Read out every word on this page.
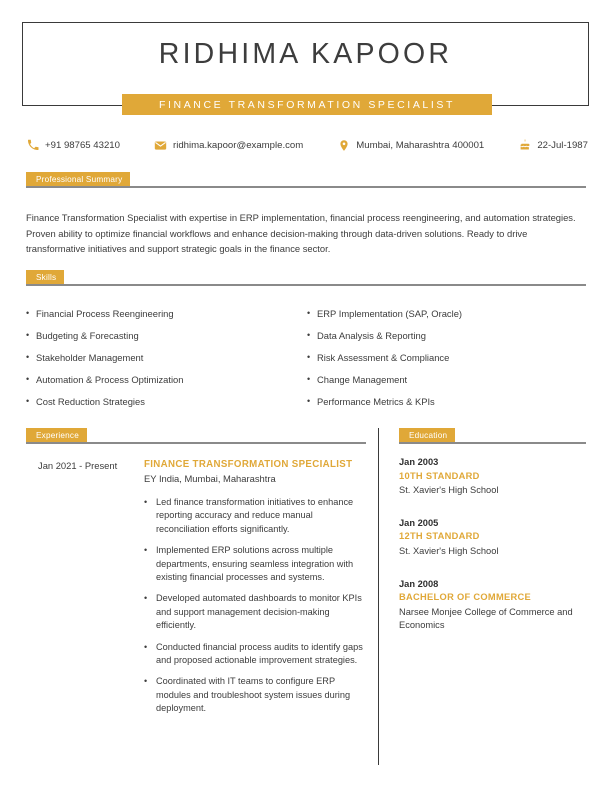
RIDHIMA KAPOOR
FINANCE TRANSFORMATION SPECIALIST
+91 98765 43210	ridhima.kapoor@example.com	Mumbai, Maharashtra 400001	22-Jul-1987
Professional Summary
Finance Transformation Specialist with expertise in ERP implementation, financial process reengineering, and automation strategies. Proven ability to optimize financial workflows and enhance decision-making through data-driven solutions. Ready to drive transformative initiatives and support strategic goals in the finance sector.
Skills
• Financial Process Reengineering
• Budgeting & Forecasting
• Stakeholder Management
• Automation & Process Optimization
• Cost Reduction Strategies
• ERP Implementation (SAP, Oracle)
• Data Analysis & Reporting
• Risk Assessment & Compliance
• Change Management
• Performance Metrics & KPIs
Experience	Education
Jan 2021 - Present	FINANCE TRANSFORMATION SPECIALIST
EY India, Mumbai, Maharashtra
• Led finance transformation initiatives to enhance reporting accuracy and reduce manual reconciliation efforts significantly.
• Implemented ERP solutions across multiple departments, ensuring seamless integration with existing financial processes and systems.
• Developed automated dashboards to monitor KPIs and support management decision-making efficiently.
• Conducted financial process audits to identify gaps and proposed actionable improvement strategies.
• Coordinated with IT teams to configure ERP modules and troubleshoot system issues during deployment.
Jan 2003
10TH STANDARD
St. Xavier's High School
Jan 2005
12TH STANDARD
St. Xavier's High School
Jan 2008
BACHELOR OF COMMERCE
Narsee Monjee College of Commerce and Economics
